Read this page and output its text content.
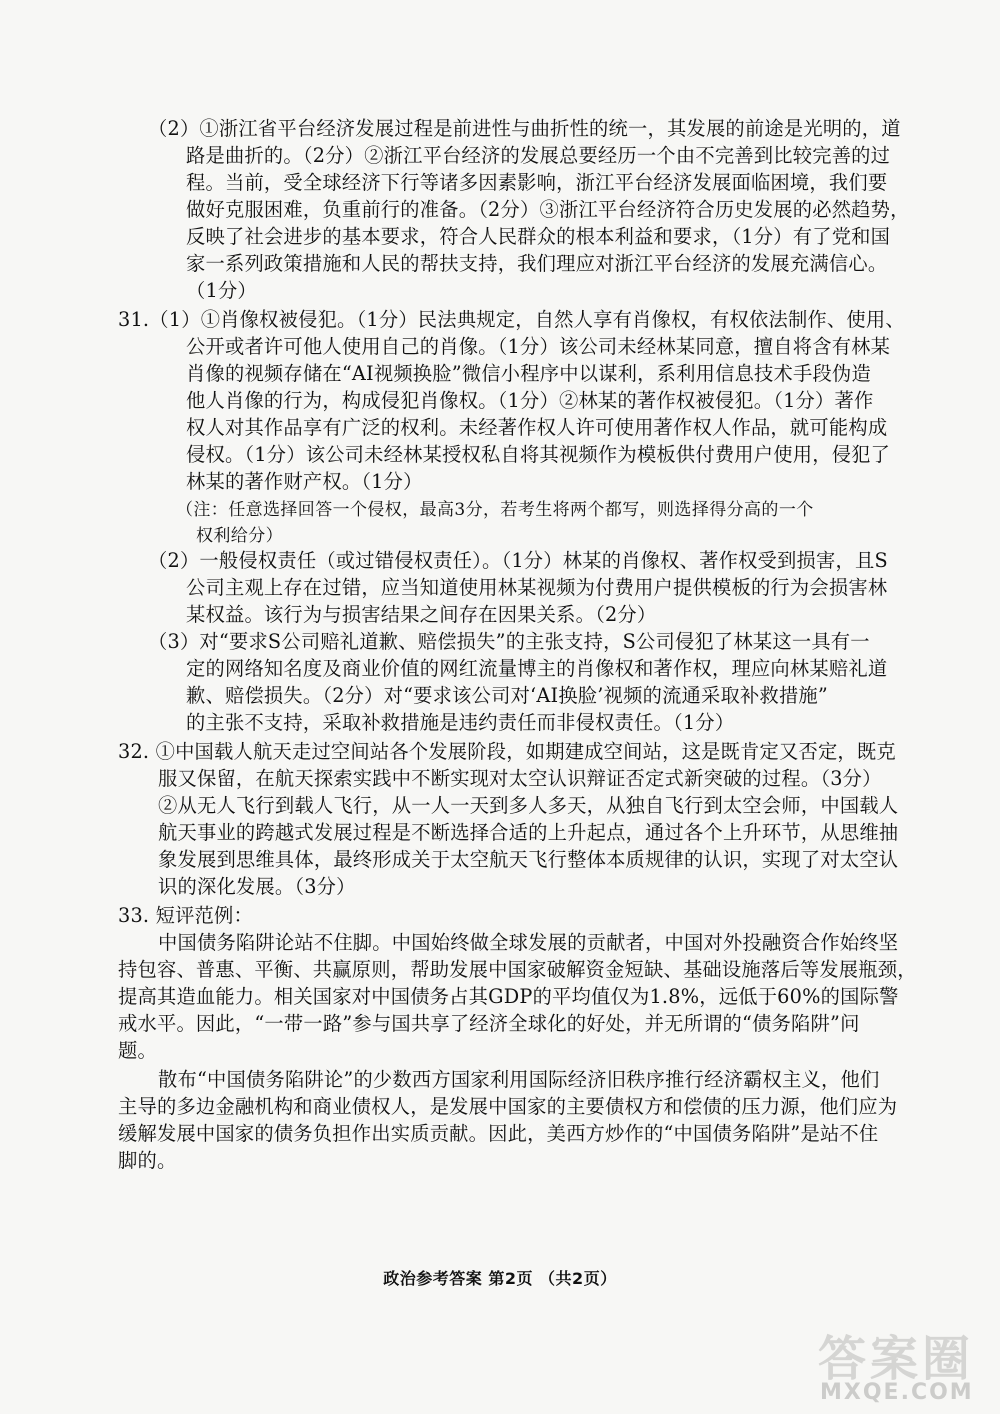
（2）①浙江省平台经济发展过程是前进性与曲折性的统一，其发展的前途是光明的，道
路是曲折的。（2分）②浙江平台经济的发展总要经历一个由不完善到比较完善的过
程。当前，受全球经济下行等诸多因素影响，浙江平台经济发展面临困境，我们要
做好克服困难，负重前行的准备。（2分）③浙江平台经济符合历史发展的必然趋势，
反映了社会进步的基本要求，符合人民群众的根本利益和要求，（1分）有了党和国
家一系列政策措施和人民的帮扶支持，我们理应对浙江平台经济的发展充满信心。
（1分）
31.（1）①肖像权被侵犯。（1分）民法典规定，自然人享有肖像权，有权依法制作、使用、
公开或者许可他人使用自己的肖像。（1分）该公司未经林某同意，擅自将含有林某
肖像的视频存储在“AI视频换脸”微信小程序中以谋利，系利用信息技术手段伪造
他人肖像的行为，构成侵犯肖像权。（1分）②林某的著作权被侵犯。（1分）著作
权人对其作品享有广泛的权利。未经著作权人许可使用著作权人作品，就可能构成
侵权。（1分）该公司未经林某授权私自将其视频作为模板供付费用户使用，侵犯了
林某的著作财产权。（1分）
（注：任意选择回答一个侵权，最高3分，若考生将两个都写，则选择得分高的一个
权利给分）
（2）一般侵权责任（或过错侵权责任）。（1分）林某的肖像权、著作权受到损害，且S
公司主观上存在过错，应当知道使用林某视频为付费用户提供模板的行为会损害林
某权益。该行为与损害结果之间存在因果关系。（2分）
（3）对“要求S公司赔礼道歉、赔偿损失”的主张支持，S公司侵犯了林某这一具有一
定的网络知名度及商业价值的网红流量博主的肖像权和著作权，理应向林某赔礼道
歉、赔偿损失。（2分）对“要求该公司对‘AI换脸’视频的流通采取补救措施”
的主张不支持，采取补救措施是违约责任而非侵权责任。（1分）
32. ①中国载人航天走过空间站各个发展阶段，如期建成空间站，这是既肯定又否定，既克
服又保留，在航天探索实践中不断实现对太空认识辩证否定式新突破的过程。（3分）
②从无人飞行到载人飞行，从一人一天到多人多天，从独自飞行到太空会师，中国载人
航天事业的跨越式发展过程是不断选择合适的上升起点，通过各个上升环节，从思维抽
象发展到思维具体，最终形成关于太空航天飞行整体本质规律的认识，实现了对太空认
识的深化发展。（3分）
33. 短评范例：
中国债务陷阱论站不住脚。中国始终做全球发展的贡献者，中国对外投融资合作始终坚
持包容、普惠、平衡、共赢原则，帮助发展中国家破解资金短缺、基础设施落后等发展瓶颈，
提高其造血能力。相关国家对中国债务占其GDP的平均值仅为1.8%，远低于60%的国际警
戒水平。因此，“一带一路”参与国共享了经济全球化的好处，并无所谓的“债务陷阱”问
题。
散布“中国债务陷阱论”的少数西方国家利用国际经济旧秩序推行经济霸权主义，他们
主导的多边金融机构和商业债权人，是发展中国家的主要债权方和偿债的压力源，他们应为
缓解发展中国家的债务负担作出实质贡献。因此，美西方炒作的“中国债务陷阱”是站不住
脚的。
政治参考答案 第2页 （共2页）
答案圈
MXQE.COM
